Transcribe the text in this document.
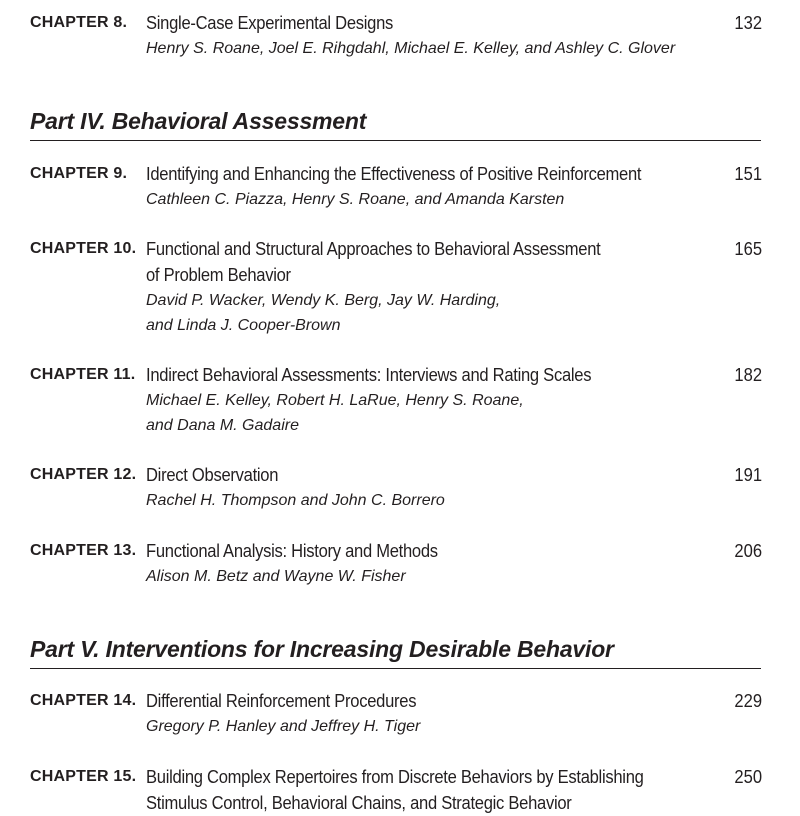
CHAPTER 8. Single-Case Experimental Designs
Henry S. Roane, Joel E. Rihgdahl, Michael E. Kelley, and Ashley C. Glover
132
Part IV. Behavioral Assessment
CHAPTER 9. Identifying and Enhancing the Effectiveness of Positive Reinforcement
Cathleen C. Piazza, Henry S. Roane, and Amanda Karsten
151
CHAPTER 10. Functional and Structural Approaches to Behavioral Assessment
of Problem Behavior
David P. Wacker, Wendy K. Berg, Jay W. Harding,
and Linda J. Cooper-Brown
165
CHAPTER 11. Indirect Behavioral Assessments: Interviews and Rating Scales
Michael E. Kelley, Robert H. LaRue, Henry S. Roane,
and Dana M. Gadaire
182
CHAPTER 12. Direct Observation
Rachel H. Thompson and John C. Borrero
191
CHAPTER 13. Functional Analysis: History and Methods
Alison M. Betz and Wayne W. Fisher
206
Part V. Interventions for Increasing Desirable Behavior
CHAPTER 14. Differential Reinforcement Procedures
Gregory P. Hanley and Jeffrey H. Tiger
229
CHAPTER 15. Building Complex Repertoires from Discrete Behaviors by Establishing
Stimulus Control, Behavioral Chains, and Strategic Behavior
250
